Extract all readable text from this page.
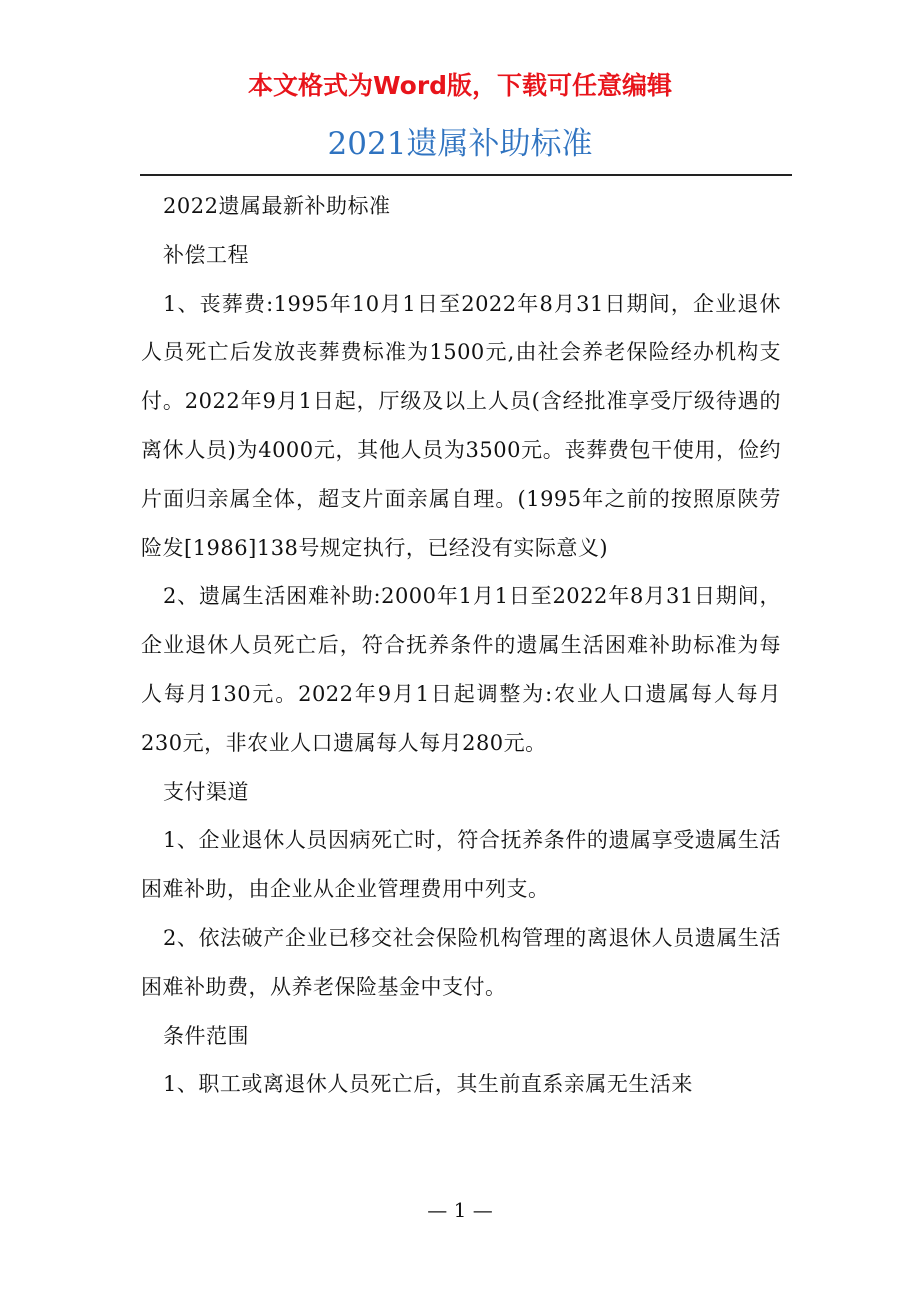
本文格式为Word版，下载可任意编辑
2021遗属补助标准

2022遗属最新补助标准

补偿工程

1、丧葬费:1995年10月1日至2022年8月31日期间，企业退休人员死亡后发放丧葬费标准为1500元,由社会养老保险经办机构支付。2022年9月1日起，厅级及以上人员(含经批准享受厅级待遇的离休人员)为4000元，其他人员为3500元。丧葬费包干使用，俭约片面归亲属全体，超支片面亲属自理。(1995年之前的按照原陕劳险发[1986]138号规定执行，已经没有实际意义)

2、遗属生活困难补助:2000年1月1日至2022年8月31日期间，企业退休人员死亡后，符合抚养条件的遗属生活困难补助标准为每人每月130元。2022年9月1日起调整为:农业人口遗属每人每月230元，非农业人口遗属每人每月280元。

支付渠道

1、企业退休人员因病死亡时，符合抚养条件的遗属享受遗属生活困难补助，由企业从企业管理费用中列支。

2、依法破产企业已移交社会保险机构管理的离退休人员遗属生活困难补助费，从养老保险基金中支付。

条件范围

1、职工或离退休人员死亡后，其生前直系亲属无生活来

— 1 —
